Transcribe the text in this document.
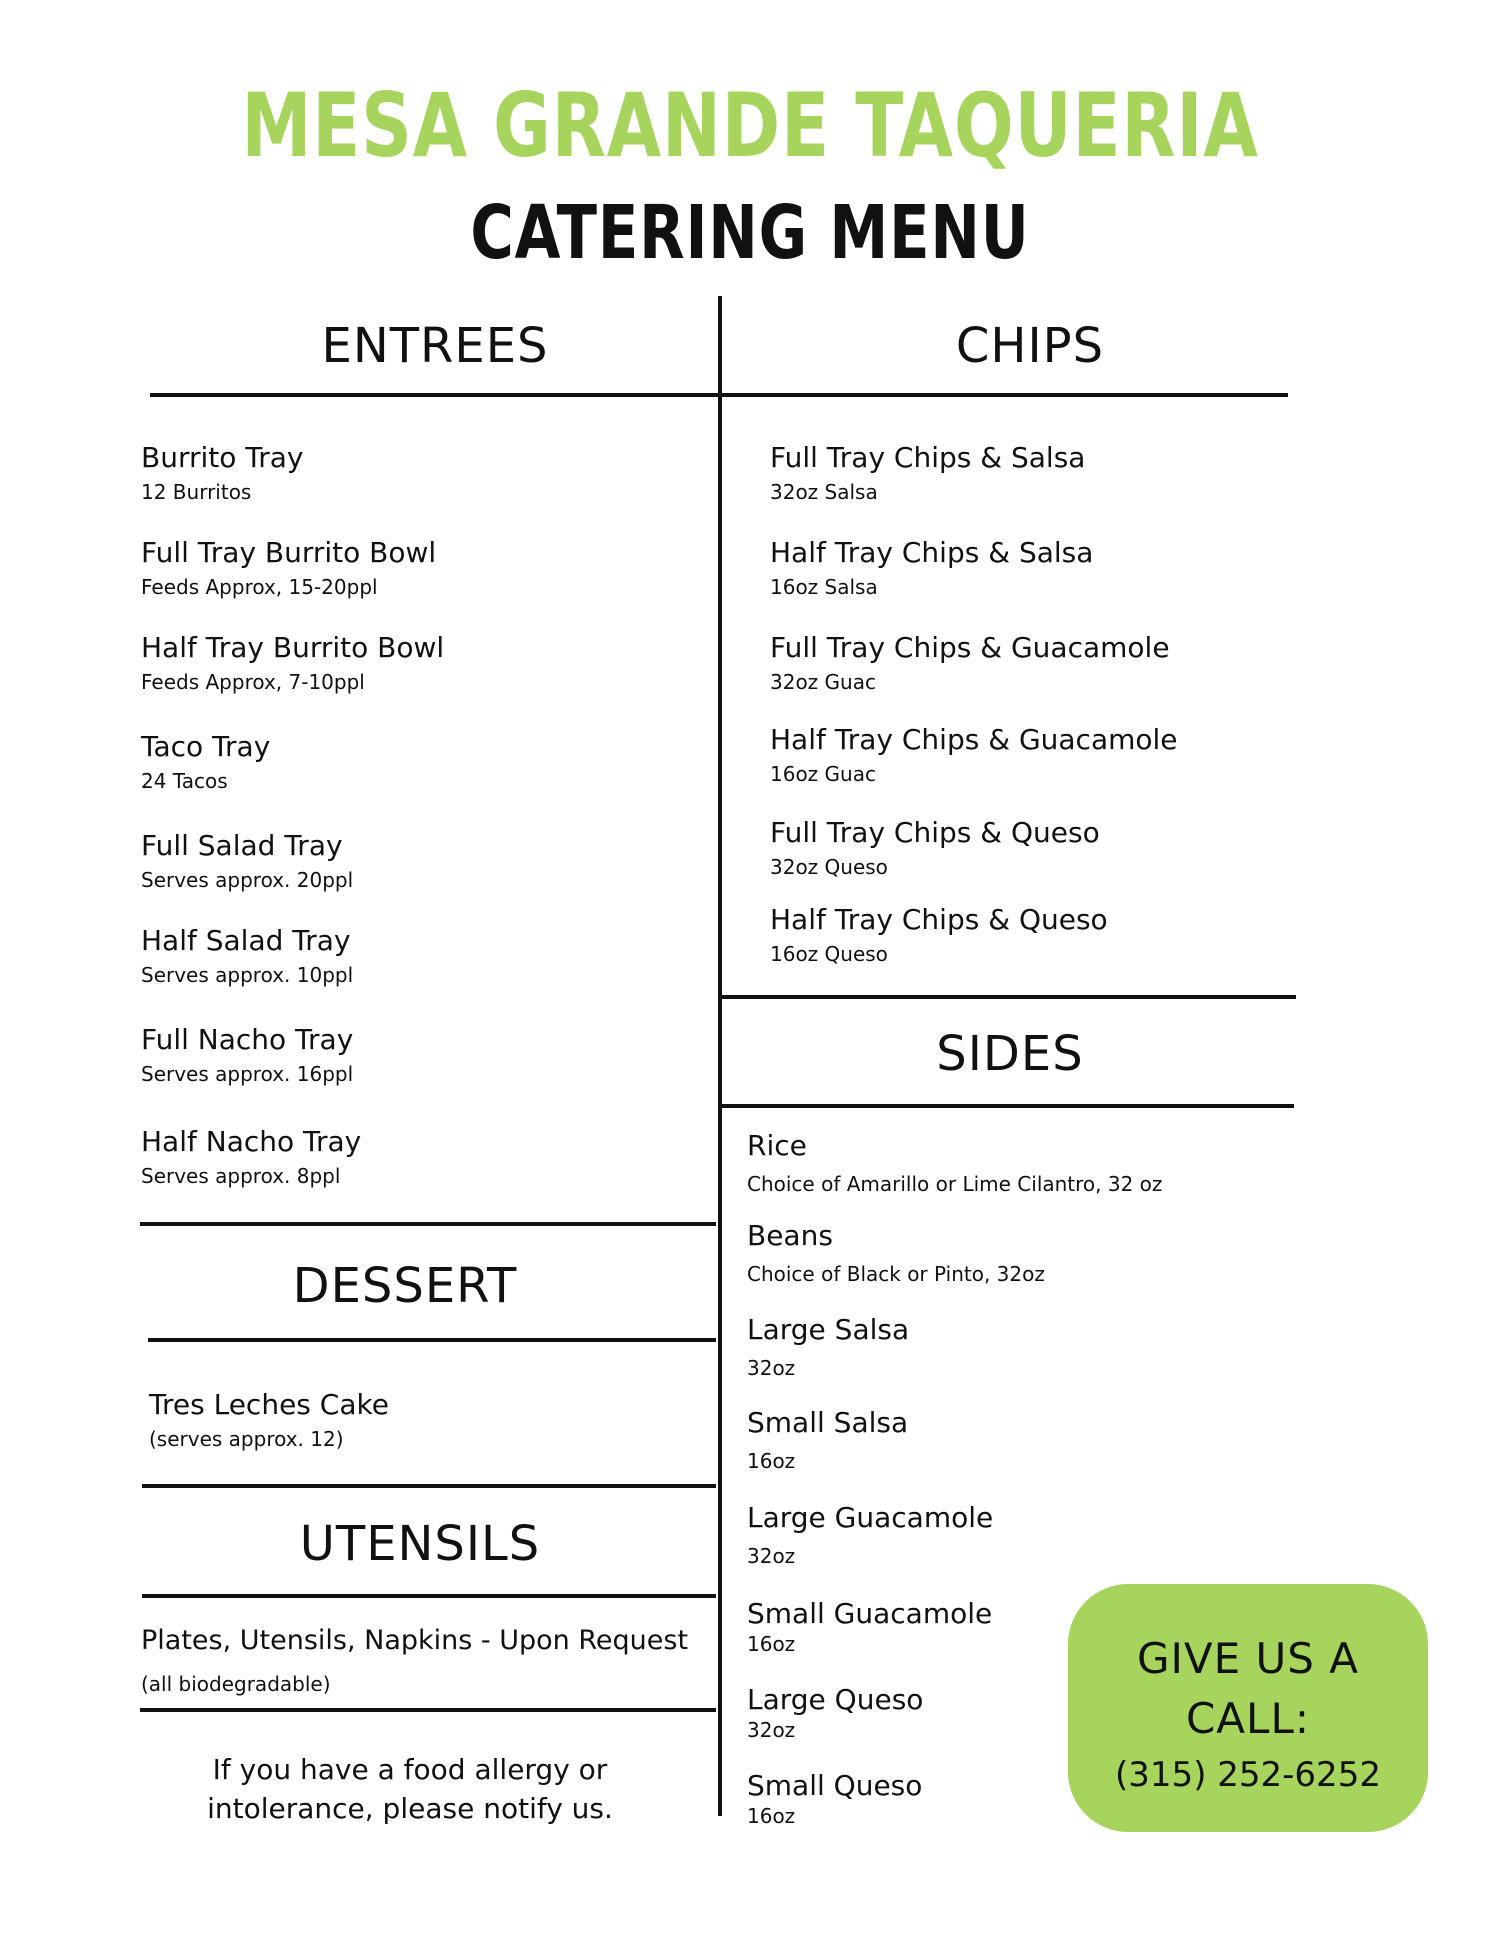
MESA GRANDE TAQUERIA
CATERING MENU
ENTREES	CHIPS
DESSERT
UTENSILS
SIDES
Burrito Tray
12 Burritos
Full Tray Burrito Bowl
Feeds Approx, 15-20ppl
Half Tray Burrito Bowl
Feeds Approx, 7-10ppl
Taco Tray
24 Tacos
Full Salad Tray
Serves approx. 20ppl
Half Salad Tray
Serves approx. 10ppl
Full Nacho Tray
Serves approx. 16ppl
Half Nacho Tray
Serves approx. 8ppl
Tres Leches Cake
(serves approx. 12)
Plates, Utensils, Napkins - Upon Request
(all biodegradable)
If you have a food allergy or
intolerance, please notify us.
Full Tray Chips & Salsa
32oz Salsa
Half Tray Chips & Salsa
16oz Salsa
Full Tray Chips & Guacamole
32oz Guac
Half Tray Chips & Guacamole
16oz Guac
Full Tray Chips & Queso
32oz Queso
Half Tray Chips & Queso
16oz Queso
Rice
Choice of Amarillo or Lime Cilantro, 32 oz
Beans
Choice of Black or Pinto, 32oz
Large Salsa
32oz
Small Salsa
16oz
Large Guacamole
32oz
Small Guacamole
16oz
Large Queso
32oz
Small Queso
16oz
GIVE US A
CALL:
(315) 252-6252
